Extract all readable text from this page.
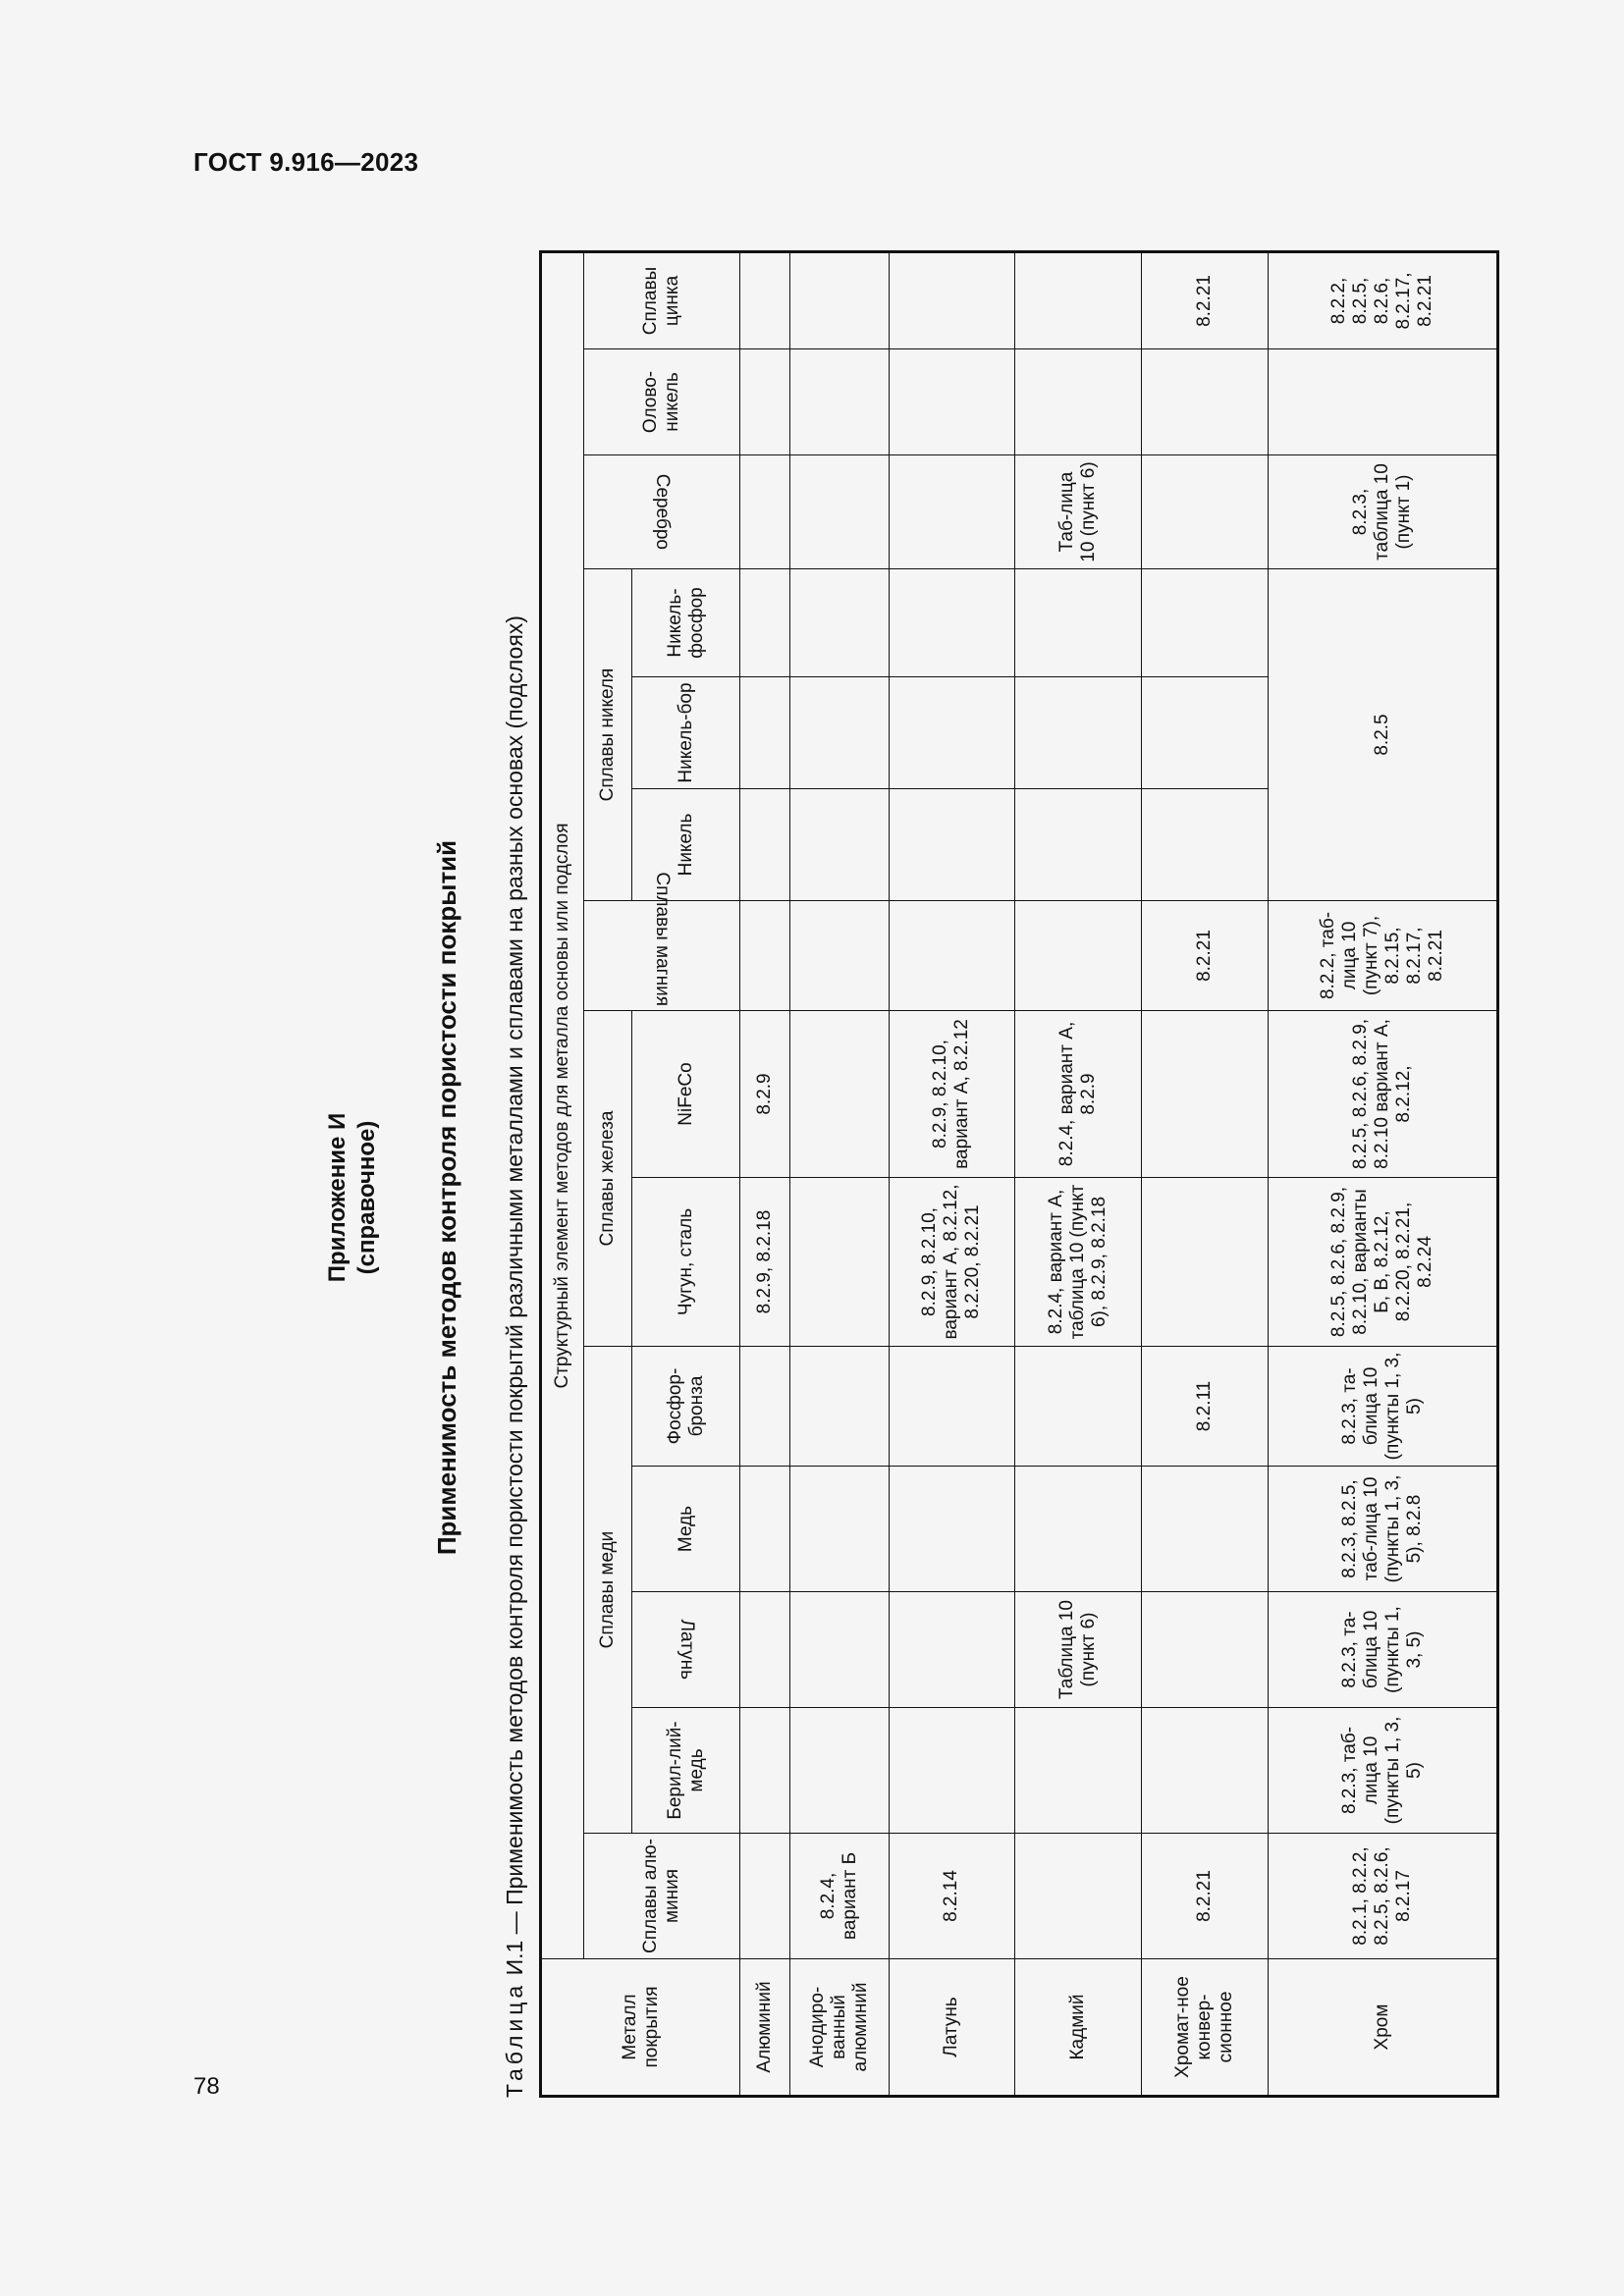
ГОСТ 9.916—2023
78
Приложение И (справочное) Применимость методов контроля пористости покрытий
Таблица И.1 — Применимость методов контроля пористости покрытий различными металлами и сплавами на разных основах (подслоях)
Металл покрытия	Структурный элемент методов для металла основы или подслоя													
	Сплавы алю-миния	Сплавы меди				Сплавы железа		Сплавы магния	Сплавы никеля			Серебро	Олово-никель	Сплавы цинка
		Берил-лий-медь	Латунь	Медь	Фосфор-бронза	Чугун, сталь	NiFeCo		Никель	Никель-бор	Никель-фосфор			
Алюминий						8.2.9, 8.2.18	8.2.9							
Анодиро-ванный алюминий	8.2.4, вариант Б													
Латунь	8.2.14					8.2.9, 8.2.10, вариант А, 8.2.12, 8.2.20, 8.2.21	8.2.9, 8.2.10, вариант А, 8.2.12							
Кадмий			Таблица 10 (пункт 6)			8.2.4, вариант А, таблица 10 (пункт 6), 8.2.9, 8.2.18	8.2.4, вариант А, 8.2.9					Таб-лица 10 (пункт 6)		
Хромат-ное конвер-сионное	8.2.21				8.2.11			8.2.21						8.2.21
Хром	8.2.1, 8.2.2, 8.2.5, 8.2.6, 8.2.17	8.2.3, таб-лица 10 (пункты 1, 3, 5)	8.2.3, та-блица 10 (пункты 1, 3, 5)	8.2.3, 8.2.5, таб-лица 10 (пункты 1, 3, 5), 8.2.8	8.2.3, та-блица 10 (пункты 1, 3, 5)	8.2.5, 8.2.6, 8.2.9, 8.2.10, варианты Б, В, 8.2.12, 8.2.20, 8.2.21, 8.2.24	8.2.5, 8.2.6, 8.2.9, 8.2.10 вариант А, 8.2.12,	8.2.2, таб-лица 10 (пункт 7), 8.2.15, 8.2.17, 8.2.21	8.2.5			8.2.3, таблица 10 (пункт 1)		8.2.2, 8.2.5, 8.2.6, 8.2.17, 8.2.21
